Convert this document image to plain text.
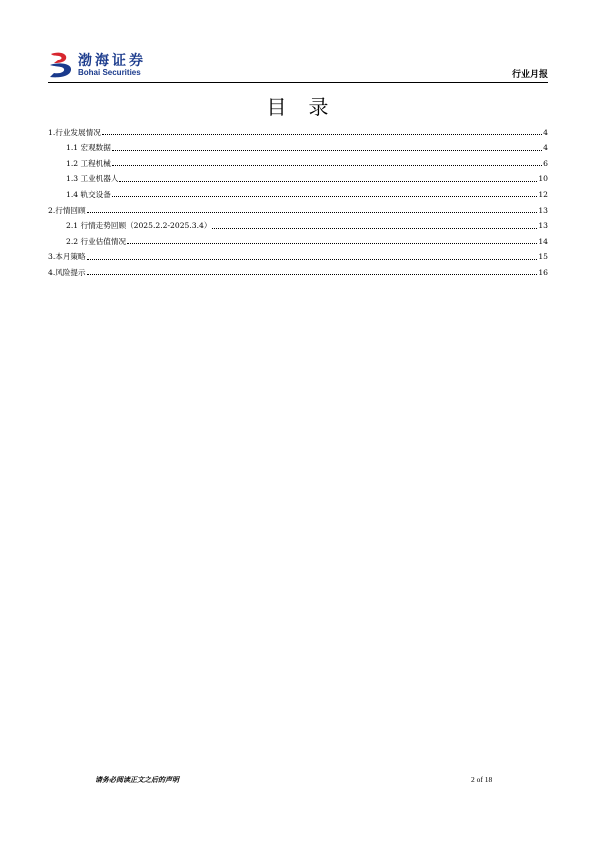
渤海证券
Bohai Securities	行业月报
目录
1.行业发展情况	4
1.1 宏观数据	4
1.2 工程机械	6
1.3 工业机器人	10
1.4 轨交设备	12
2.行情回顾	13
2.1 行情走势回顾（2025.2.2-2025.3.4）	13
2.2 行业估值情况	14
3.本月策略	15
4.风险提示	16
请务必阅读正文之后的声明	2 of 18
